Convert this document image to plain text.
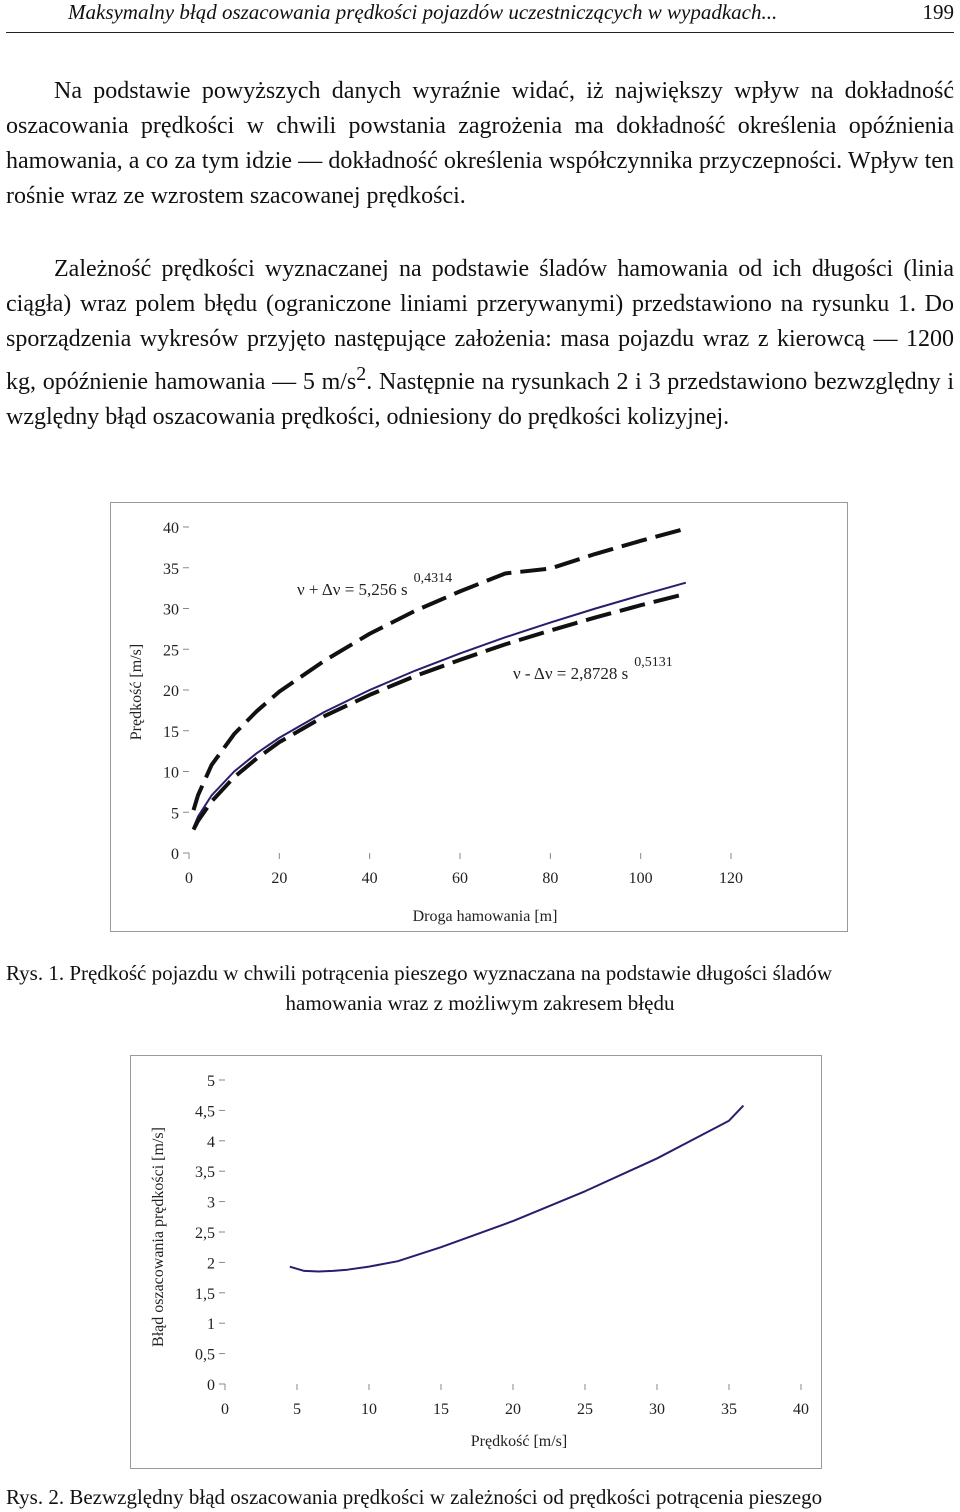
Maksymalny błąd oszacowania prędkości pojazdów uczestniczących w wypadkach...	199

Na podstawie powyższych danych wyraźnie widać, iż największy wpływ na dokładność oszacowania prędkości w chwili powstania zagrożenia ma dokładność określenia opóźnienia hamowania, a co za tym idzie — dokładność określenia współczynnika przyczepności. Wpływ ten rośnie wraz ze wzrostem szacowanej prędkości.

Zależność prędkości wyznaczanej na podstawie śladów hamowania od ich długości (linia ciągła) wraz polem błędu (ograniczone liniami przerywanymi) przedstawiono na rysunku 1. Do sporządzenia wykresów przyjęto następujące założenia: masa pojazdu wraz z kierowcą — 1200 kg, opóźnienie hamowania — 5 $m/s^2$. Następnie na rysunkach 2 i 3 przedstawiono bezwzględny i względny błąd oszacowania prędkości, odniesiony do prędkości kolizyjnej.

0
5
10
15
20
25
30
35
40
0	20	40	60	80	100	120
Droga hamowania [m]
Prędkość [m/s]
ν + Δν = 5,256 $s^{0,4314}$
ν - Δν = 2,8728 $s^{0,5131}$

Rys. 1. Prędkość pojazdu w chwili potrącenia pieszego wyznaczana na podstawie długości śladów
hamowania wraz z możliwym zakresem błędu

0
0,5
1
1,5
2
2,5
3
3,5
4
4,5
5
0	5	10	15	20	25	30	35	40
Prędkość [m/s]
Błąd oszacowania prędkości [m/s]

Rys. 2. Bezwzględny błąd oszacowania prędkości w zależności od prędkości potrącenia pieszego
